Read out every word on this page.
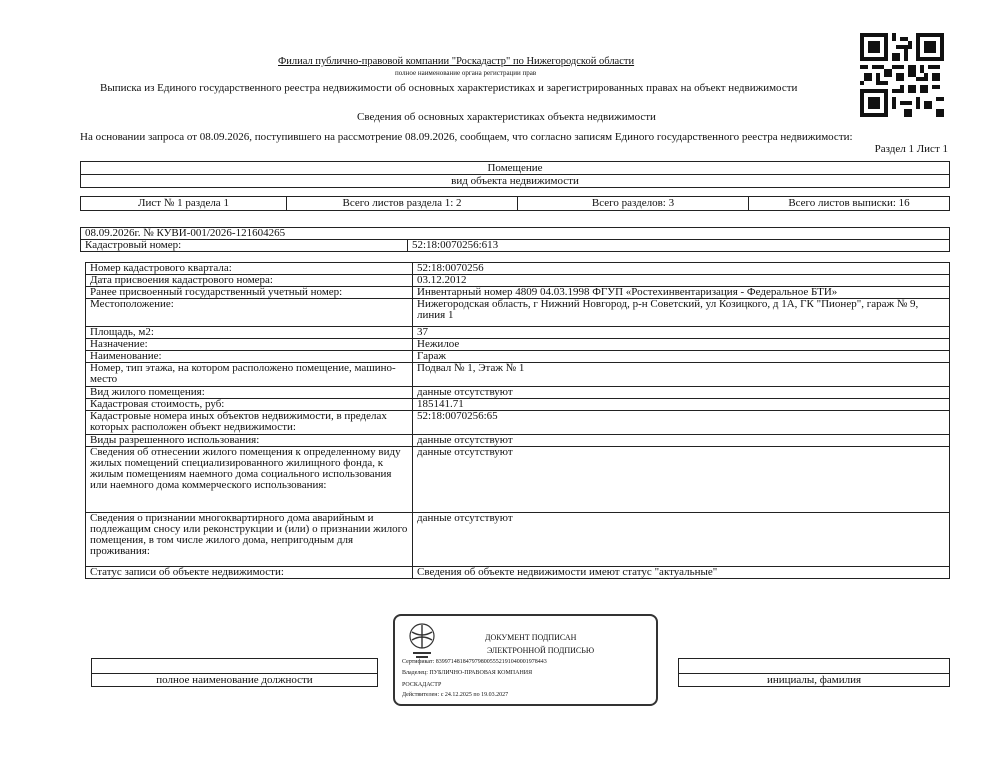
Филиал публично-правовой компании "Роскадастр" по Нижегородской области
полное наименование органа регистрации прав
Выписка из Единого государственного реестра недвижимости об основных характеристиках и зарегистрированных правах на объект недвижимости
Сведения об основных характеристиках объекта недвижимости
На основании запроса от 08.09.2026, поступившего на рассмотрение 08.09.2026, сообщаем, что согласно записям Единого государственного реестра недвижимости:
Раздел 1 Лист 1
Помещение
вид объекта недвижимости
Лист № 1 раздела 1	Всего листов раздела 1: 2	Всего разделов: 3	Всего листов выписки: 16
08.09.2026г. № КУВИ-001/2026-121604265
Кадастровый номер:	52:18:0070256:613
Номер кадастрового квартала:	52:18:0070256
Дата присвоения кадастрового номера:	03.12.2012
Ранее присвоенный государственный учетный номер:	Инвентарный номер 4809 04.03.1998 ФГУП «Ростехинвентаризация - Федеральное БТИ»
Местоположение:	Нижегородская область, г Нижний Новгород, р-н Советский, ул Козицкого, д 1А, ГК "Пионер", гараж № 9, линия 1
Площадь, м2:	37
Назначение:	Нежилое
Наименование:	Гараж
Номер, тип этажа, на котором расположено помещение, машино-место	Подвал № 1, Этаж № 1
Вид жилого помещения:	данные отсутствуют
Кадастровая стоимость, руб:	185141.71
Кадастровые номера иных объектов недвижимости, в пределах которых расположен объект недвижимости:	52:18:0070256:65
Виды разрешенного использования:	данные отсутствуют
Сведения об отнесении жилого помещения к определенному виду жилых помещений специализированного жилищного фонда, к жилым помещениям наемного дома социального использования или наемного дома коммерческого использования:	данные отсутствуют
Сведения о признании многоквартирного дома аварийным и подлежащим сносу или реконструкции и (или) о признании жилого помещения, в том числе жилого дома, непригодным для проживания:	данные отсутствуют
Статус записи об объекте недвижимости:	Сведения об объекте недвижимости имеют статус "актуальные"

полное наименование должности		инициалы, фамилия
ДОКУМЕНТ ПОДПИСАН
ЭЛЕКТРОННОЙ ПОДПИСЬЮ
Сертификат: 8399714818479798005552191040001978443
Владелец: ПУБЛИЧНО-ПРАВОВАЯ КОМПАНИЯ
РОСКАДАСТР
Действителен: с 24.12.2025 по 19.03.2027
